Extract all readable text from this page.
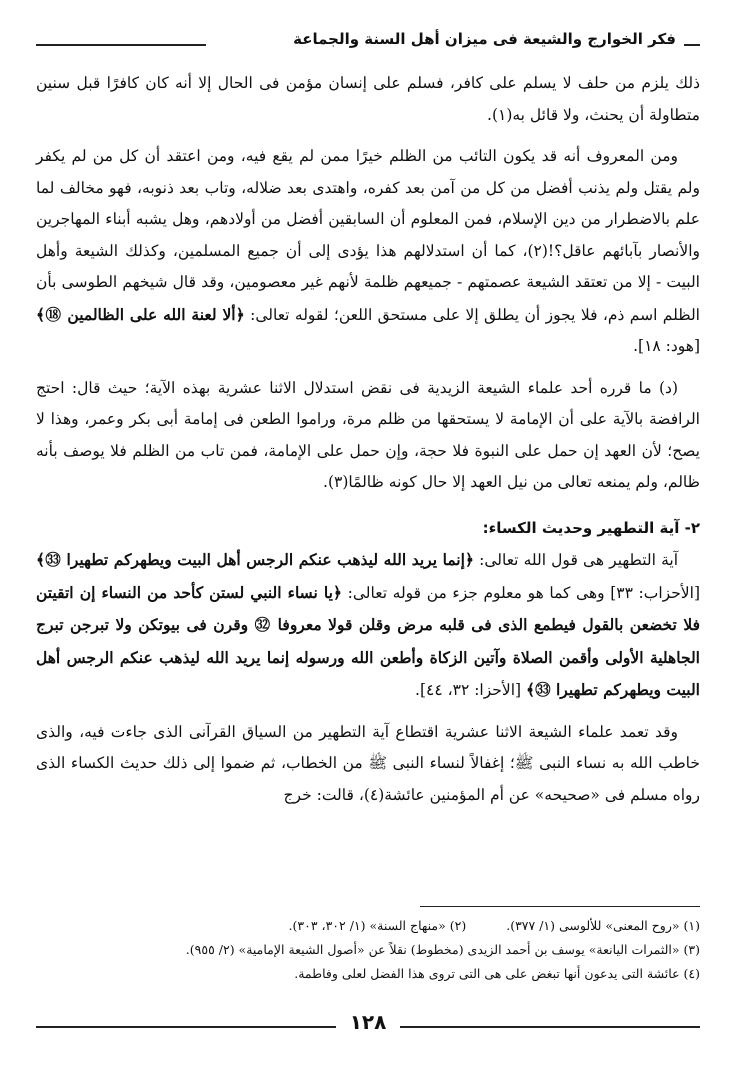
فكر الخوارج والشيعة فى ميزان أهل السنة والجماعة

ذلك يلزم من حلف لا يسلم على كافر، فسلم على إنسان مؤمن فى الحال إلا أنه كان كافرًا قبل سنين متطاولة أن يحنث، ولا قائل به(١).

ومن المعروف أنه قد يكون التائب من الظلم خيرًا ممن لم يقع فيه، ومن اعتقد أن كل من لم يكفر ولم يقتل ولم يذنب أفضل من كل من آمن بعد كفره، واهتدى بعد ضلاله، وتاب بعد ذنوبه، فهو مخالف لما علم بالاضطرار من دين الإسلام، فمن المعلوم أن السابقين أفضل من أولادهم، وهل يشبه أبناء المهاجرين والأنصار بآبائهم عاقل؟!(٢)، كما أن استدلالهم هذا يؤدى إلى أن جميع المسلمين، وكذلك الشيعة وأهل البيت - إلا من تعتقد الشيعة عصمتهم - جميعهم ظلمة لأنهم غير معصومين، وقد قال شيخهم الطوسى بأن الظلم اسم ذم، فلا يجوز أن يطلق إلا على مستحق اللعن؛ لقوله تعالى: ﴿ألا لعنة الله على الظالمين ⑱﴾ [هود: ١٨].

(د) ما قرره أحد علماء الشيعة الزيدية فى نقض استدلال الاثنا عشرية بهذه الآية؛ حيث قال: احتج الرافضة بالآية على أن الإمامة لا يستحقها من ظلم مرة، وراموا الطعن فى إمامة أبى بكر وعمر، وهذا لا يصح؛ لأن العهد إن حمل على النبوة فلا حجة، وإن حمل على الإمامة، فمن تاب من الظلم فلا يوصف بأنه ظالم، ولم يمنعه تعالى من نيل العهد إلا حال كونه ظالمًا(٣).

٢- آية التطهير وحديث الكساء:

آية التطهير هى قول الله تعالى: ﴿إنما يريد الله ليذهب عنكم الرجس أهل البيت ويطهركم تطهيرا ㉝﴾ [الأحزاب: ٣٣] وهى كما هو معلوم جزء من قوله تعالى: ﴿يا نساء النبي لستن كأحد من النساء إن اتقيتن فلا تخضعن بالقول فيطمع الذى فى قلبه مرض وقلن قولا معروفا ㉜ وقرن فى بيوتكن ولا تبرجن تبرج الجاهلية الأولى وأقمن الصلاة وآتين الزكاة وأطعن الله ورسوله إنما يريد الله ليذهب عنكم الرجس أهل البيت ويطهركم تطهيرا ㉝﴾ [الأحزا: ٣٢، ٤٤].

وقد تعمد علماء الشيعة الاثنا عشرية اقتطاع آية التطهير من السياق القرآنى الذى جاءت فيه، والذى خاطب الله به نساء النبى ﷺ؛ إغفالاً لنساء النبى ﷺ من الخطاب، ثم ضموا إلى ذلك حديث الكساء الذى رواه مسلم فى «صحيحه» عن أم المؤمنين عائشة(٤)، قالت: خرج

(١) «روح المعنى» للألوسى (١/ ٣٧٧).
(٢) «منهاج السنة» (١/ ٣٠٢، ٣٠٣).
(٣) «الثمرات اليانعة» يوسف بن أحمد الزيدى (مخطوط) نقلاً عن «أصول الشيعة الإمامية» (٢/ ٩٥٥).
(٤) عائشة التى يدعون أنها تبغض على هى التى تروى هذا الفضل لعلى وفاطمة.
١٢٨
